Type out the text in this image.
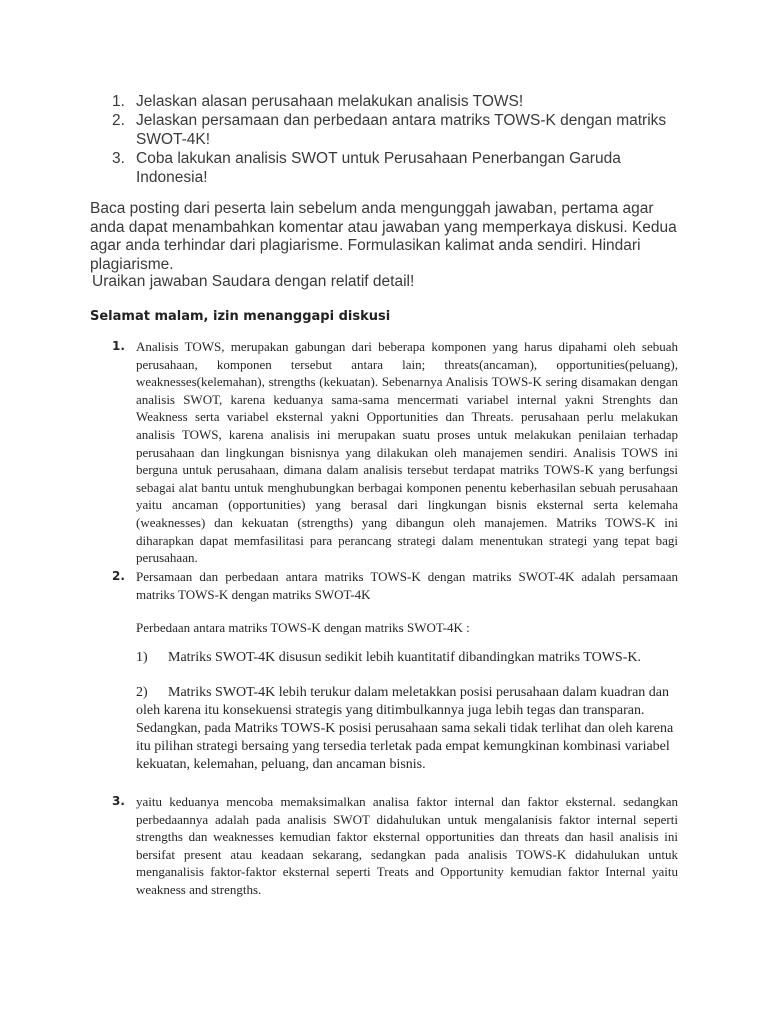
1. Jelaskan alasan perusahaan melakukan analisis TOWS!
2. Jelaskan persamaan dan perbedaan antara matriks TOWS-K dengan matriks SWOT-4K!
3. Coba lakukan analisis SWOT untuk Perusahaan Penerbangan Garuda Indonesia!

Baca posting dari peserta lain sebelum anda mengunggah jawaban, pertama agar anda dapat menambahkan komentar atau jawaban yang memperkaya diskusi. Kedua agar anda terhindar dari plagiarisme. Formulasikan kalimat anda sendiri. Hindari plagiarisme.

Uraikan jawaban Saudara dengan relatif detail!

Selamat malam, izin menanggapi diskusi

1. Analisis TOWS, merupakan gabungan dari beberapa komponen yang harus dipahami oleh sebuah perusahaan, komponen tersebut antara lain; threats(ancaman), opportunities(peluang), weaknesses(kelemahan), strengths (kekuatan). Sebenarnya Analisis TOWS-K sering disamakan dengan analisis SWOT, karena keduanya sama-sama mencermati variabel internal yakni Strenghts dan Weakness serta variabel eksternal yakni Opportunities dan Threats. perusahaan perlu melakukan analisis TOWS, karena analisis ini merupakan suatu proses untuk melakukan penilaian terhadap perusahaan dan lingkungan bisnisnya yang dilakukan oleh manajemen sendiri. Analisis TOWS ini berguna untuk perusahaan, dimana dalam analisis tersebut terdapat matriks TOWS-K yang berfungsi sebagai alat bantu untuk menghubungkan berbagai komponen penentu keberhasilan sebuah perusahaan yaitu ancaman (opportunities) yang berasal dari lingkungan bisnis eksternal serta kelemaha (weaknesses) dan kekuatan (strengths) yang dibangun oleh manajemen. Matriks TOWS-K ini diharapkan dapat memfasilitasi para perancang strategi dalam menentukan strategi yang tepat bagi perusahaan.
2. Persamaan dan perbedaan antara matriks TOWS-K dengan matriks SWOT-4K adalah persamaan matriks TOWS-K dengan matriks SWOT-4K
Perbedaan antara matriks TOWS-K dengan matriks SWOT-4K :
1) Matriks SWOT-4K disusun sedikit lebih kuantitatif dibandingkan matriks TOWS-K.
2) Matriks SWOT-4K lebih terukur dalam meletakkan posisi perusahaan dalam kuadran dan oleh karena itu konsekuensi strategis yang ditimbulkannya juga lebih tegas dan transparan. Sedangkan, pada Matriks TOWS-K posisi perusahaan sama sekali tidak terlihat dan oleh karena itu pilihan strategi bersaing yang tersedia terletak pada empat kemungkinan kombinasi variabel kekuatan, kelemahan, peluang, dan ancaman bisnis.
3. yaitu keduanya mencoba memaksimalkan analisa faktor internal dan faktor eksternal. sedangkan perbedaannya adalah pada analisis SWOT didahulukan untuk mengalanisis faktor internal seperti strengths dan weaknesses kemudian faktor eksternal opportunities dan threats dan hasil analisis ini bersifat present atau keadaan sekarang, sedangkan pada analisis TOWS-K didahulukan untuk menganalisis faktor-faktor eksternal seperti Treats and Opportunity kemudian faktor Internal yaitu weakness and strengths.
